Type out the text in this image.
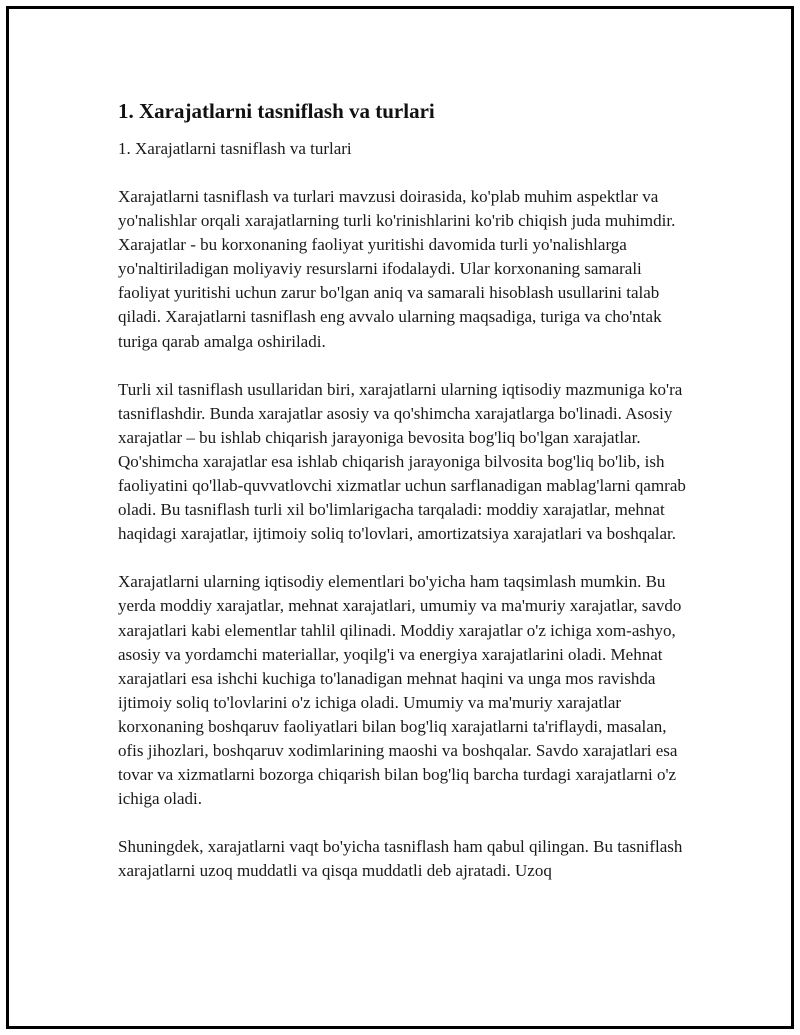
1. Xarajatlarni tasniflash va turlari

1. Xarajatlarni tasniflash va turlari

Xarajatlarni tasniflash va turlari mavzusi doirasida, ko'plab muhim aspektlar va yo'nalishlar orqali xarajatlarning turli ko'rinishlarini ko'rib chiqish juda muhimdir. Xarajatlar - bu korxonaning faoliyat yuritishi davomida turli yo'nalishlarga yo'naltiriladigan moliyaviy resurslarni ifodalaydi. Ular korxonaning samarali faoliyat yuritishi uchun zarur bo'lgan aniq va samarali hisoblash usullarini talab qiladi. Xarajatlarni tasniflash eng avvalo ularning maqsadiga, turiga va cho'ntak turiga qarab amalga oshiriladi.

Turli xil tasniflash usullaridan biri, xarajatlarni ularning iqtisodiy mazmuniga ko'ra tasniflashdir. Bunda xarajatlar asosiy va qo'shimcha xarajatlarga bo'linadi. Asosiy xarajatlar – bu ishlab chiqarish jarayoniga bevosita bog'liq bo'lgan xarajatlar. Qo'shimcha xarajatlar esa ishlab chiqarish jarayoniga bilvosita bog'liq bo'lib, ish faoliyatini qo'llab-quvvatlovchi xizmatlar uchun sarflanadigan mablag'larni qamrab oladi. Bu tasniflash turli xil bo'limlarigacha tarqaladi: moddiy xarajatlar, mehnat haqidagi xarajatlar, ijtimoiy soliq to'lovlari, amortizatsiya xarajatlari va boshqalar.

Xarajatlarni ularning iqtisodiy elementlari bo'yicha ham taqsimlash mumkin. Bu yerda moddiy xarajatlar, mehnat xarajatlari, umumiy va ma'muriy xarajatlar, savdo xarajatlari kabi elementlar tahlil qilinadi. Moddiy xarajatlar o'z ichiga xom-ashyo, asosiy va yordamchi materiallar, yoqilg'i va energiya xarajatlarini oladi. Mehnat xarajatlari esa ishchi kuchiga to'lanadigan mehnat haqini va unga mos ravishda ijtimoiy soliq to'lovlarini o'z ichiga oladi. Umumiy va ma'muriy xarajatlar korxonaning boshqaruv faoliyatlari bilan bog'liq xarajatlarni ta'riflaydi, masalan, ofis jihozlari, boshqaruv xodimlarining maoshi va boshqalar. Savdo xarajatlari esa tovar va xizmatlarni bozorga chiqarish bilan bog'liq barcha turdagi xarajatlarni o'z ichiga oladi.

Shuningdek, xarajatlarni vaqt bo'yicha tasniflash ham qabul qilingan. Bu tasniflash xarajatlarni uzoq muddatli va qisqa muddatli deb ajratadi. Uzoq
